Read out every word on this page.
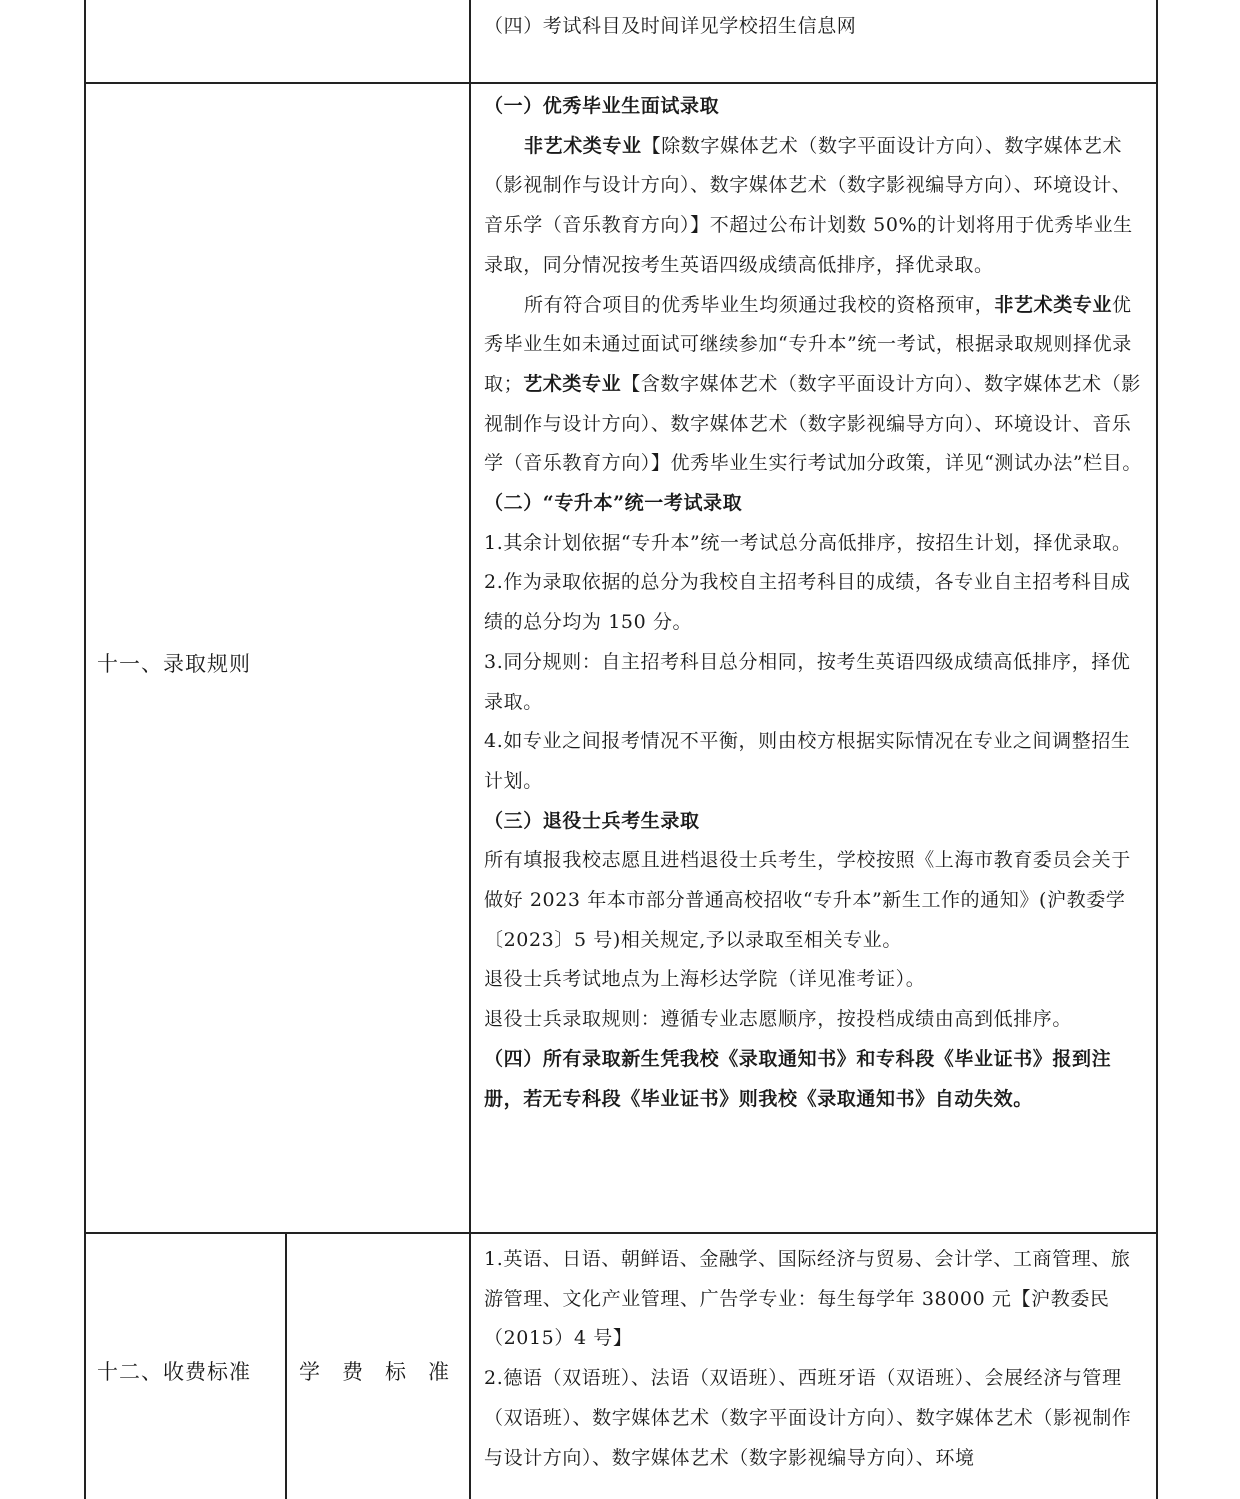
（四）考试科目及时间详见学校招生信息网

十一、录取规则

（一）优秀毕业生面试录取

非艺术类专业【除数字媒体艺术（数字平面设计方向）、数字媒体艺术（影视制作与设计方向）、数字媒体艺术（数字影视编导方向）、环境设计、音乐学（音乐教育方向）】不超过公布计划数 50%的计划将用于优秀毕业生录取，同分情况按考生英语四级成绩高低排序，择优录取。

所有符合项目的优秀毕业生均须通过我校的资格预审，非艺术类专业优秀毕业生如未通过面试可继续参加“专升本”统一考试，根据录取规则择优录取；艺术类专业【含数字媒体艺术（数字平面设计方向）、数字媒体艺术（影视制作与设计方向）、数字媒体艺术（数字影视编导方向）、环境设计、音乐学（音乐教育方向）】优秀毕业生实行考试加分政策，详见“测试办法”栏目。

（二）“专升本”统一考试录取

1.其余计划依据“专升本”统一考试总分高低排序，按招生计划，择优录取。

2.作为录取依据的总分为我校自主招考科目的成绩，各专业自主招考科目成绩的总分均为 150 分。

3.同分规则：自主招考科目总分相同，按考生英语四级成绩高低排序，择优录取。

4.如专业之间报考情况不平衡，则由校方根据实际情况在专业之间调整招生计划。

（三）退役士兵考生录取

所有填报我校志愿且进档退役士兵考生，学校按照《上海市教育委员会关于做好 2023 年本市部分普通高校招收“专升本”新生工作的通知》(沪教委学〔2023〕5 号)相关规定,予以录取至相关专业。

退役士兵考试地点为上海杉达学院（详见准考证）。

退役士兵录取规则：遵循专业志愿顺序，按投档成绩由高到低排序。

（四）所有录取新生凭我校《录取通知书》和专科段《毕业证书》报到注册，若无专科段《毕业证书》则我校《录取通知书》自动失效。

十二、收费标准 学费标准

1.英语、日语、朝鲜语、金融学、国际经济与贸易、会计学、工商管理、旅游管理、文化产业管理、广告学专业：每生每学年 38000 元【沪教委民（2015）4 号】

2.德语（双语班）、法语（双语班）、西班牙语（双语班）、会展经济与管理（双语班）、数字媒体艺术（数字平面设计方向）、数字媒体艺术（影视制作与设计方向）、数字媒体艺术（数字影视编导方向）、环境
